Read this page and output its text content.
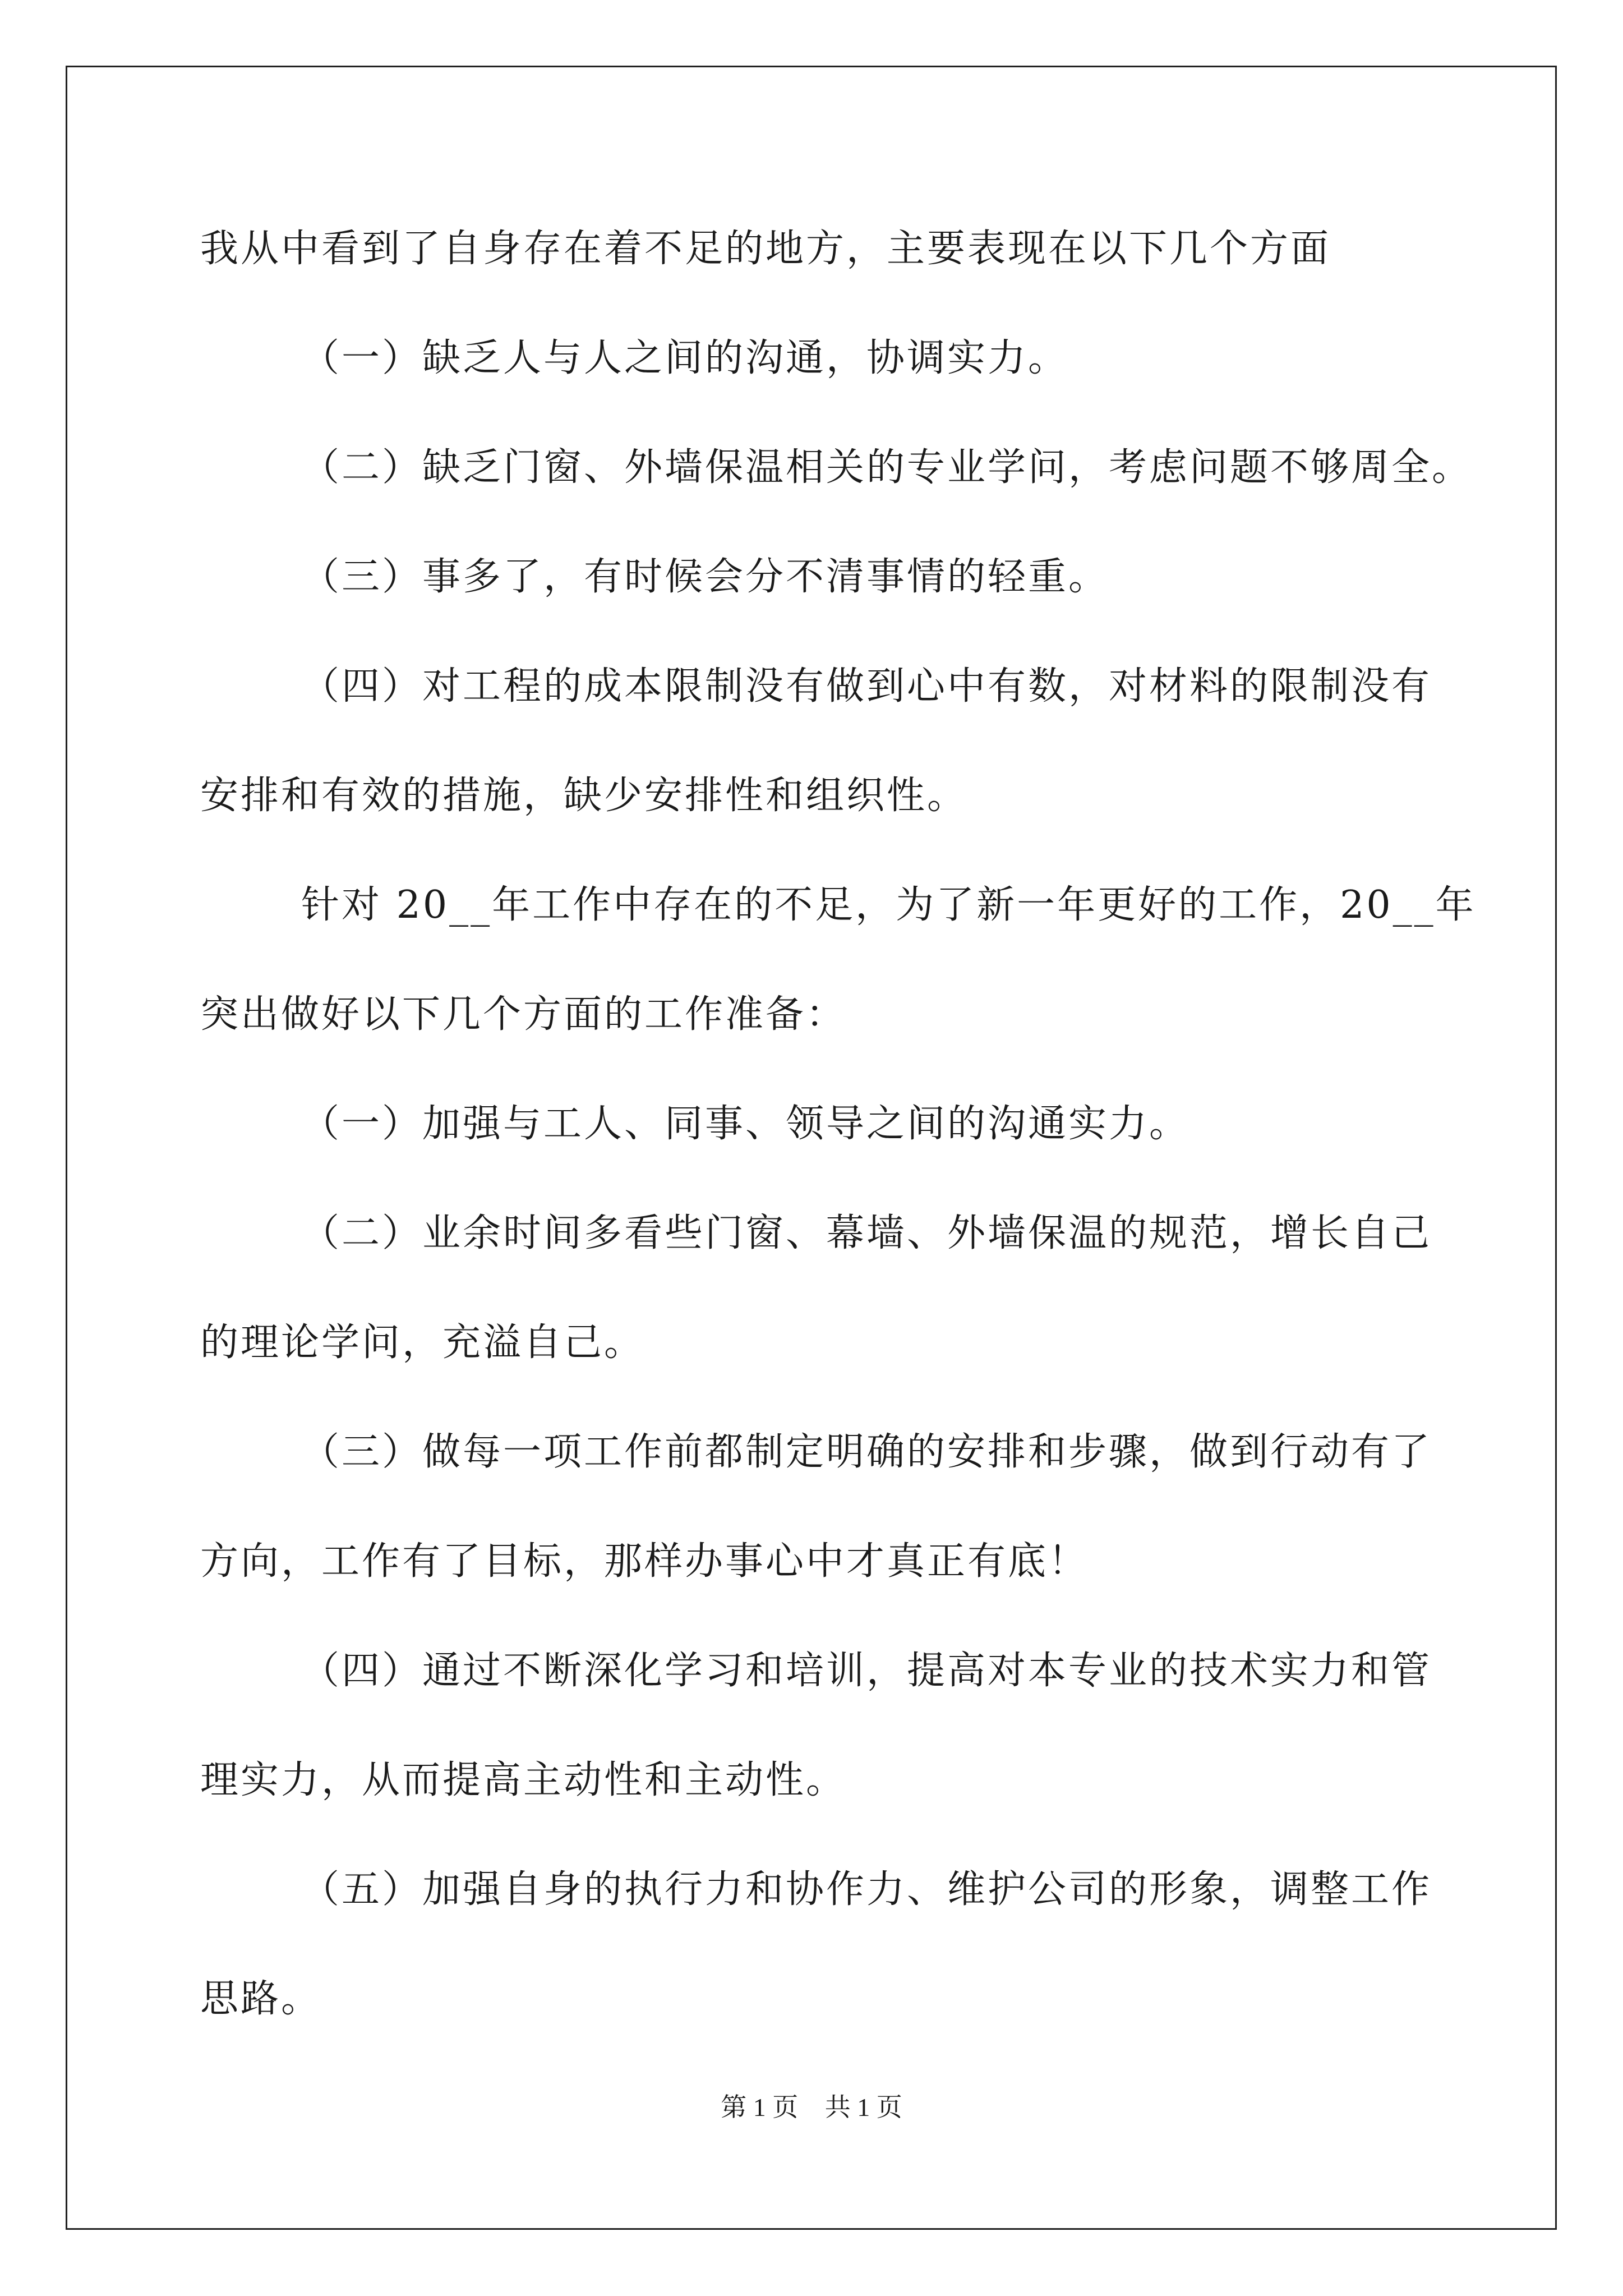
我从中看到了自身存在着不足的地方，主要表现在以下几个方面
（一）缺乏人与人之间的沟通，协调实力。
（二）缺乏门窗、外墙保温相关的专业学问，考虑问题不够周全。
（三）事多了，有时候会分不清事情的轻重。
（四）对工程的成本限制没有做到心中有数，对材料的限制没有
安排和有效的措施，缺少安排性和组织性。
针对 20__年工作中存在的不足，为了新一年更好的工作，20__年
突出做好以下几个方面的工作准备：
（一）加强与工人、同事、领导之间的沟通实力。
（二）业余时间多看些门窗、幕墙、外墙保温的规范，增长自己
的理论学问，充溢自己。
（三）做每一项工作前都制定明确的安排和步骤，做到行动有了
方向，工作有了目标，那样办事心中才真正有底！
（四）通过不断深化学习和培训，提高对本专业的技术实力和管
理实力，从而提高主动性和主动性。
（五）加强自身的执行力和协作力、维护公司的形象，调整工作
思路。
第 1 页 共 1 页
